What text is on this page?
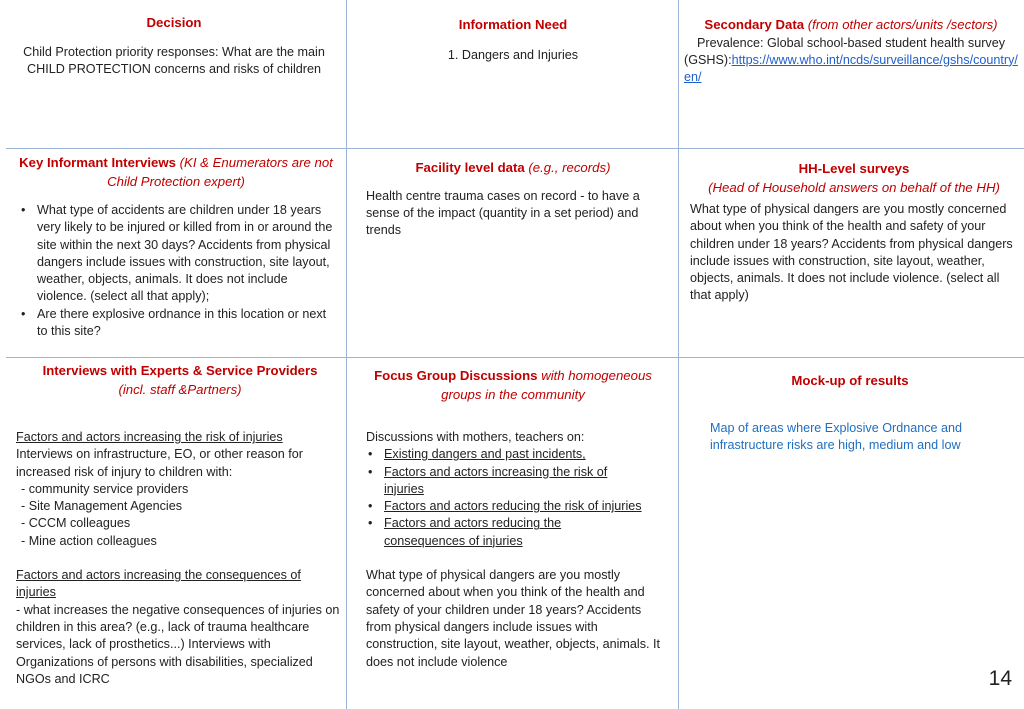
Decision
Child Protection priority responses: What are the main CHILD PROTECTION concerns and risks of children
Information Need
1. Dangers and Injuries
Secondary Data (from other actors/units /sectors)
Prevalence: Global school-based student health survey
(GSHS):https://www.who.int/ncds/surveillance/gshs/country/en/
Key Informant Interviews (KI & Enumerators are not Child Protection expert)
• What type of accidents are children under 18 years very likely to be injured or killed from in or around the site within the next 30 days? Accidents from physical dangers include issues with construction, site layout, weather, objects, animals. It does not include violence. (select all that apply);
• Are there explosive ordnance in this location or next to this site?
Facility level data (e.g., records)
Health centre trauma cases on record - to have a sense of the impact (quantity in a set period) and trends
HH-Level surveys
(Head of Household answers on behalf of the HH)
What type of physical dangers are you mostly concerned about when you think of the health and safety of your children under 18 years? Accidents from physical dangers include issues with construction, site layout, weather, objects, animals. It does not include violence. (select all that apply)
Interviews with Experts & Service Providers (incl. staff &Partners)
Factors and actors increasing the risk of injuries
Interviews on infrastructure, EO, or other reason for increased risk of injury to children with:
- community service providers
- Site Management Agencies
- CCCM colleagues
- Mine action colleagues
Factors and actors increasing the consequences of injuries
- what increases the negative consequences of injuries on children in this area? (e.g., lack of trauma healthcare services, lack of prosthetics...) Interviews with Organizations of persons with disabilities, specialized NGOs and ICRC
Focus Group Discussions with homogeneous groups in the community
Discussions with mothers, teachers on:
• Existing dangers and past incidents,
• Factors and actors increasing the risk of injuries
• Factors and actors reducing the risk of injuries
• Factors and actors reducing the consequences of injuries
What type of physical dangers are you mostly concerned about when you think of the health and safety of your children under 18 years? Accidents from physical dangers include issues with construction, site layout, weather, objects, animals. It does not include violence
Mock-up of results
Map of areas where Explosive Ordnance and infrastructure risks are high, medium and low
14
